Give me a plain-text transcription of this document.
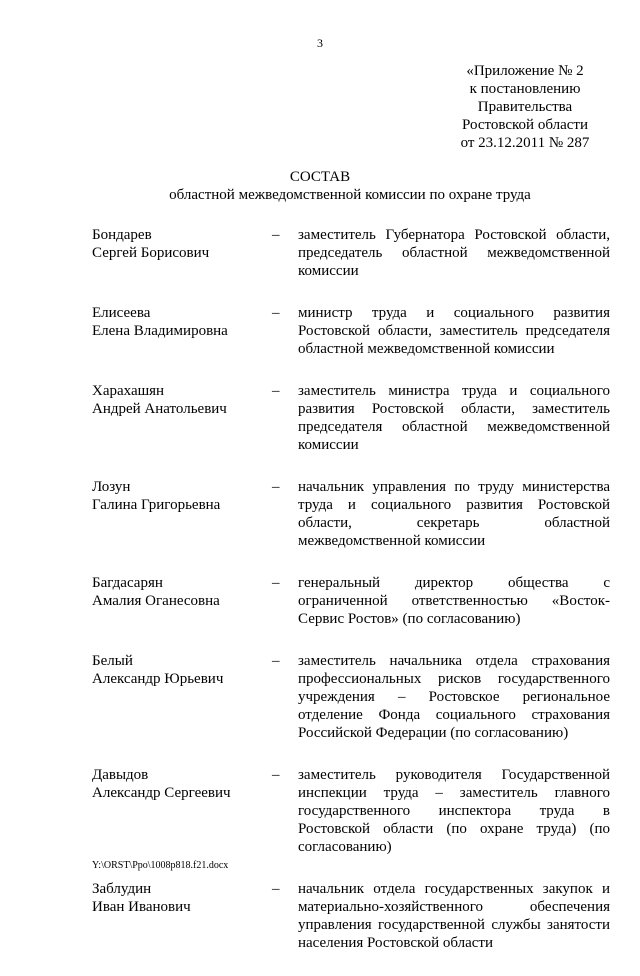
3
«Приложение № 2
к постановлению
Правительства
Ростовской области
от 23.12.2011 № 287
СОСТАВ
областной межведомственной комиссии по охране труда
Бондарев
Сергей Борисович
–	заместитель Губернатора Ростовской области, председатель областной межведомственной комиссии
Елисеева
Елена Владимировна
–	министр труда и социального развития Ростовской области, заместитель председателя областной межведомственной комиссии
Харахашян
Андрей Анатольевич
–	заместитель министра труда и социального развития Ростовской области, заместитель председателя областной межведомственной комиссии
Лозун
Галина Григорьевна
–	начальник управления по труду министерства труда и социального развития Ростовской области, секретарь областной межведомственной комиссии
Багдасарян
Амалия Оганесовна
–	генеральный директор общества с ограниченной ответственностью «Восток-Сервис Ростов» (по согласованию)
Белый
Александр Юрьевич
–	заместитель начальника отдела страхования профессиональных рисков государственного учреждения – Ростовское региональное отделение Фонда социального страхования Российской Федерации (по согласованию)
Давыдов
Александр Сергеевич
–	заместитель руководителя Государственной инспекции труда – заместитель главного государственного инспектора труда в Ростовской области (по охране труда) (по согласованию)
Заблудин
Иван Иванович
–	начальник отдела государственных закупок и материально-хозяйственного обеспечения управления государственной службы занятости населения Ростовской области
Y:\ORST\Ppo\1008p818.f21.docx
